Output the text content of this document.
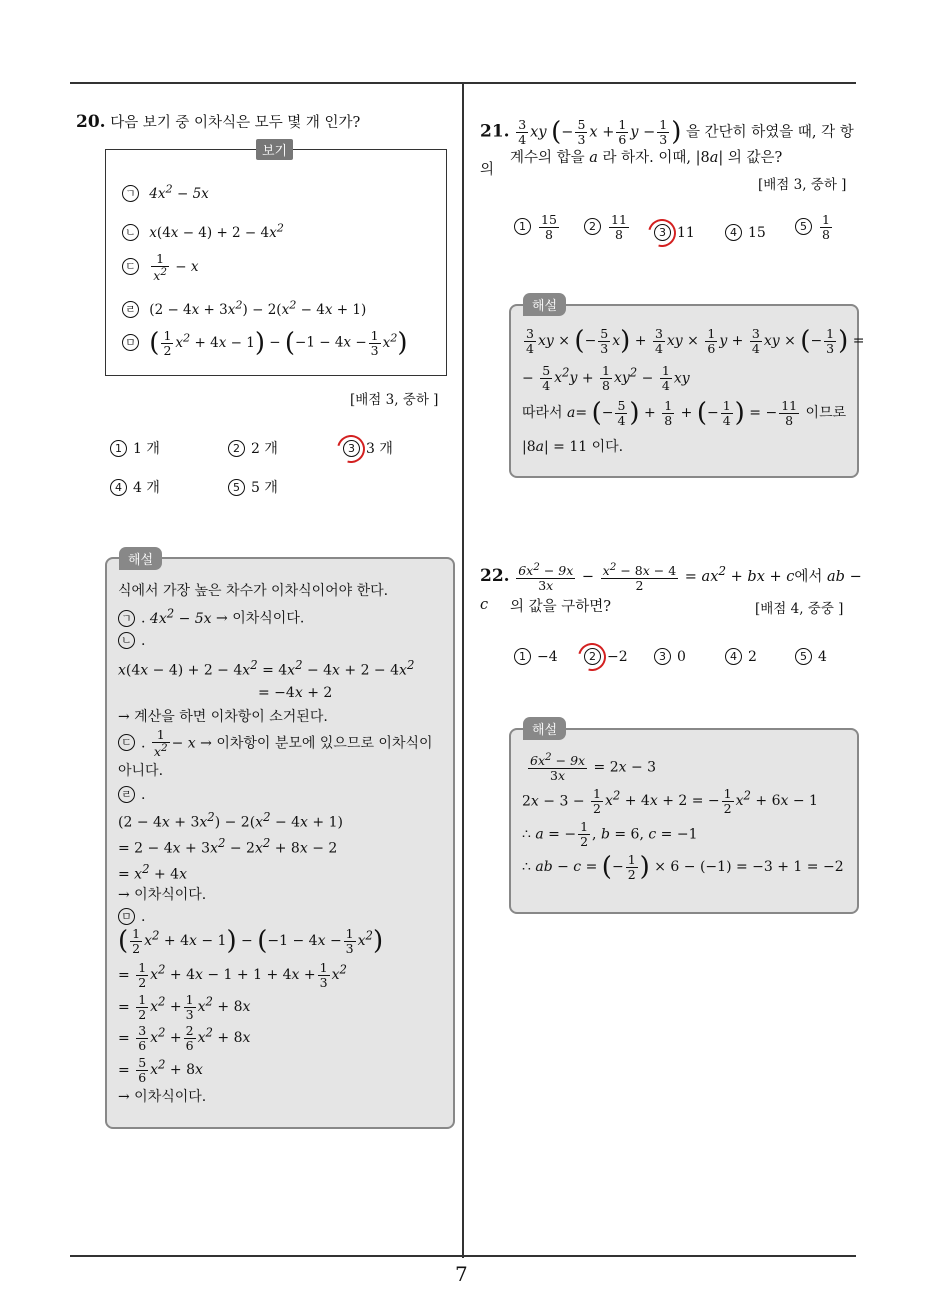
20. 다음 보기 중 이차식은 모두 몇 개 인가?
보기
ㄱ $4x^2 - 5x$
ㄴ $x(4x - 4) + 2 - 4x^2$
ㄷ $\frac{1}{x^2} - x$
ㄹ $(2 - 4x + 3x^2) - 2(x^2 - 4x + 1)$
ㅁ ( $\frac{1}{2} x^2 + 4x - 1) - (-1 - 4x - \frac{1}{3} x^2)$
[배점 3, 중하 ]
1 1 개	2 2 개	3 3 개
4 4 개	5 5 개
해설
식에서 가장 높은 차수가 이차식이어야 한다.
ㄱ . $4x^2 - 5x$ → 이차식이다.
ㄴ .
$x(4x - 4) + 2 - 4x^2 = 4x^2 - 4x + 2 - 4x^2$
= −4x + 2
→ 계산을 하면 이차항이 소거된다.
ㄷ . $\frac{1}{x^2} - x$ → 이차항이 분모에 있으므로 이차식이
아니다.
ㄹ .
$(2 - 4x + 3x^2) - 2(x^2 - 4x + 1)$
= $2 - 4x + 3x^2 - 2x^2 + 8x - 2$
= $x^2 + 4x$
→ 이차식이다.
ㅁ .
( $\frac{1}{2} x^2 + 4x - 1) - (-1 - 4x - \frac{1}{3} x^2)$
= $\frac{1}{2} x^2 + 4x - 1 + 1 + 4x + \frac{1}{3} x^2$
= $\frac{1}{2} x^2 + \frac{1}{3} x^2 + 8x$
= $\frac{3}{6} x^2 + \frac{2}{6} x^2 + 8x$
= $\frac{5}{6} x^2 + 8x$
→ 이차식이다.
21. $\frac{3}{4}$ xy (− $\frac{5}{3}$ $x + \frac{1}{6}$ $y - \frac{1}{3}$ ) 을 간단히 하였을 때, 각 항의
계수의 합을 a 라 하자. 이때, |8a| 의 값은?
[배점 3, 중하 ]
$1 \frac{15}{8}$	$2 \frac{11}{8}$	3 11	4 15	$5 \frac{1}{8}$
해설
$\frac{3}{4}$ xy × (− $\frac{5}{3} x) + \frac{3}{4}$ xy × $\frac{1}{6}$ $y + \frac{3}{4}$ xy × (− $\frac{1}{3}$ ) =
− $\frac{5}{4} x^2y + \frac{1}{8} xy^2 - \frac{1}{4}$ xy
따라서 a= (− $\frac{5}{4}$ ) + $\frac{1}{8}$ + (− $\frac{1}{4}$ ) = − $\frac{11}{8}$ 이므로
|8a| = 11 이다.
22. $\frac{6x^2 - 9x}{3x} - \frac{x^2 - 8x - 4}{2} = ax^2$ + bx + c에서 ab − c	의 값을 구하면?	[배점 4, 중중 ]
1 −4	2 −2	3 0	4 2	5 4
해설
$\frac{6x^2 - 9x}{3x} = 2x - 3$
$2x - 3 - \frac{1}{2} x^2 + 4x + 2$ = − $\frac{1}{2} x^2 + 6x - 1$
∴ a = − $\frac{1}{2}$ , b = 6, c = −1
∴ ab − c = (− $\frac{1}{2}$ ) × 6 − (−1) = −3 + 1 = −2
7
